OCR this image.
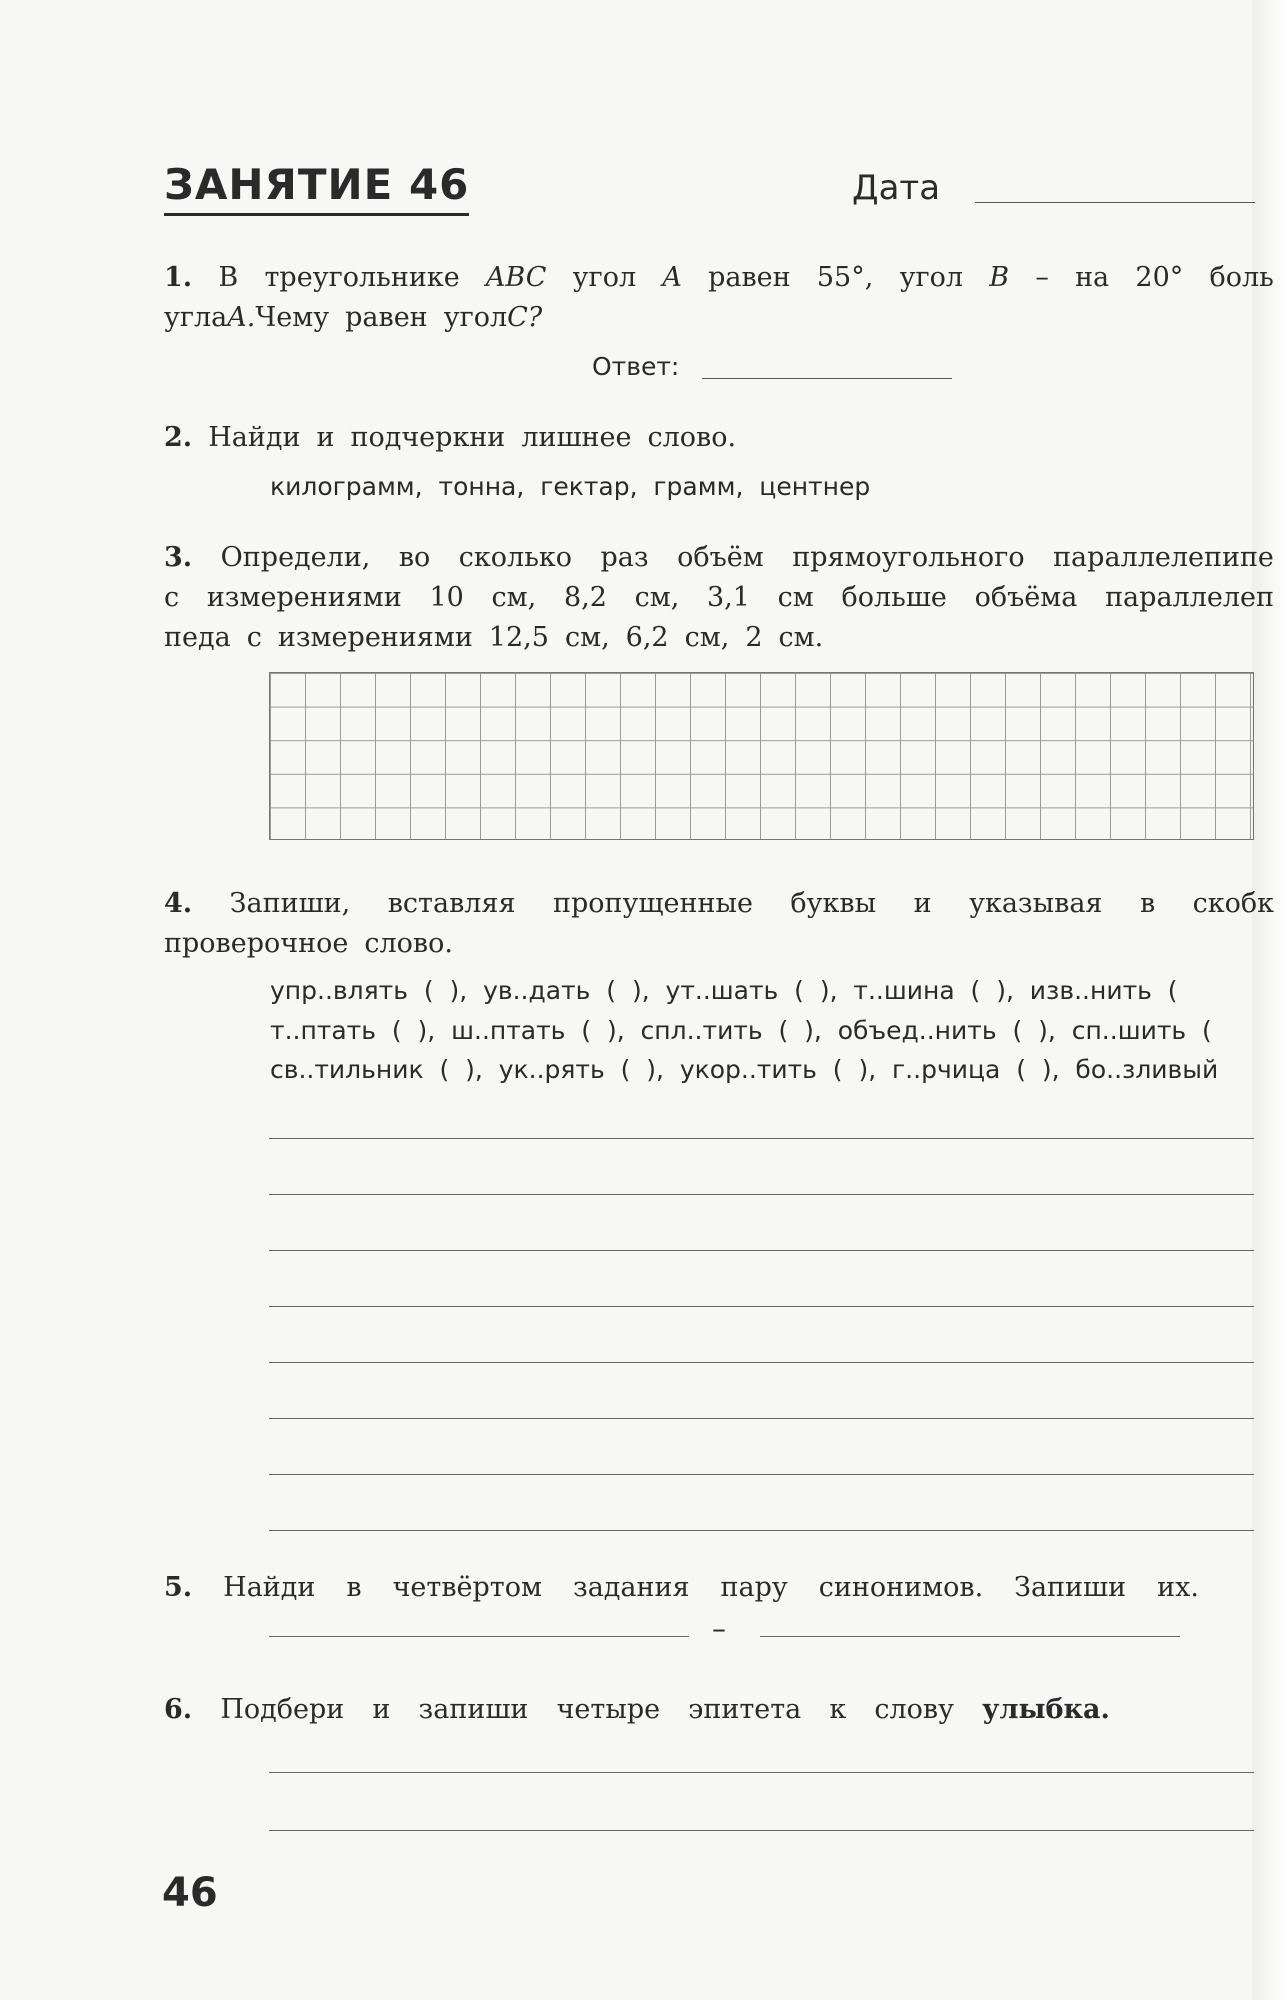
ЗАНЯТИЕ 46	Дата
1. В треугольнике ABC угол A равен 55°, угол B – на 20° боль
угла A. Чему равен угол C?
Ответ:
2. Найди и подчеркни лишнее слово.
килограмм,  тонна,  гектар,  грамм,  центнер
3. Определи, во сколько раз объём прямоугольного параллелепипе
с измерениями 10 см, 8,2 см, 3,1 см больше объёма параллелеп
педа с измерениями 12,5 см, 6,2 см, 2 см.
4. Запиши, вставляя пропущенные буквы и указывая в скобк
проверочное слово.
упр..влять  (  ),  ув..дать  (  ),  ут..шать  (  ),  т..шина  (  ),  изв..нить  (
т..птать  (  ),  ш..птать  (  ),  спл..тить  (  ),  объед..нить  (  ),  сп..шить  (
св..тильник  (  ),  ук..рять  (  ),  укор..тить  (  ),  г..рчица  (  ),  бо..зливый
5. Найди в четвёртом задания пару синонимов. Запиши их.
–
6. Подбери и запиши четыре эпитета к слову улыбка.
46
